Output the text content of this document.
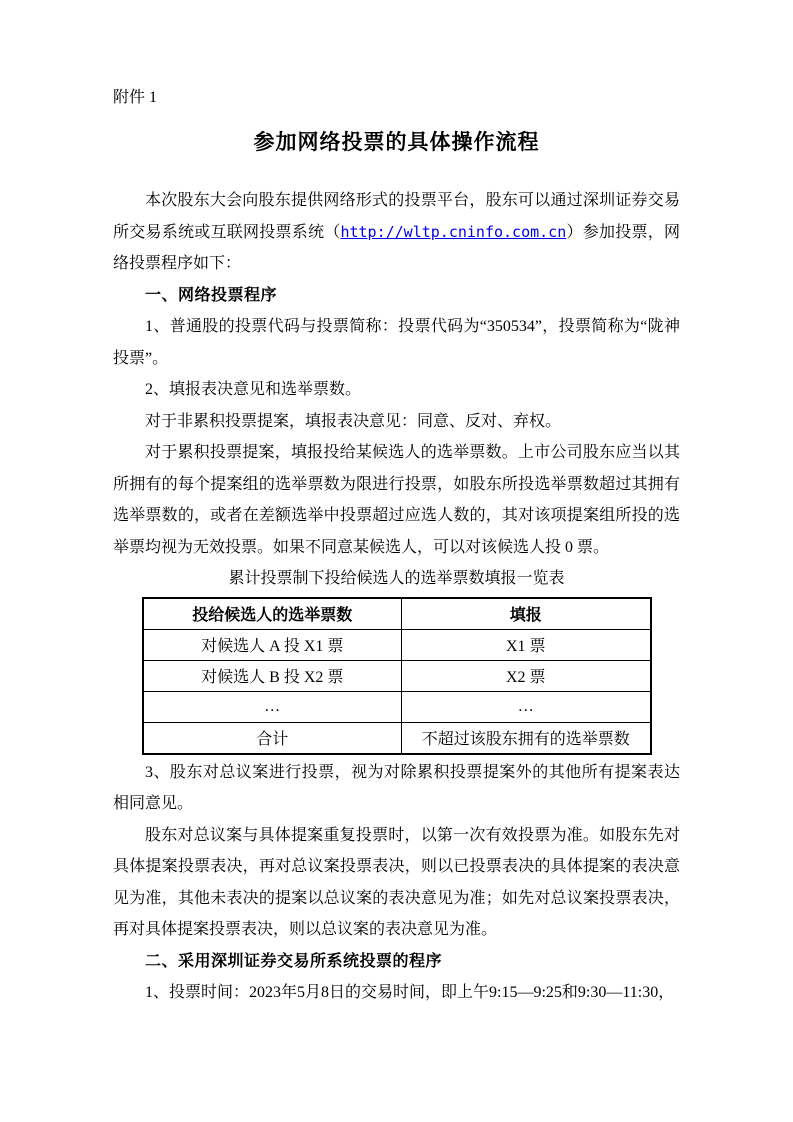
附件 1
参加网络投票的具体操作流程

本次股东大会向股东提供网络形式的投票平台，股东可以通过深圳证券交易所交易系统或互联网投票系统（http://wltp.cninfo.com.cn）参加投票，网络投票程序如下：

一、网络投票程序

1、普通股的投票代码与投票简称：投票代码为“350534”，投票简称为“陇神投票”。

2、填报表决意见和选举票数。

对于非累积投票提案，填报表决意见：同意、反对、弃权。

对于累积投票提案，填报投给某候选人的选举票数。上市公司股东应当以其所拥有的每个提案组的选举票数为限进行投票，如股东所投选举票数超过其拥有选举票数的，或者在差额选举中投票超过应选人数的，其对该项提案组所投的选举票均视为无效投票。如果不同意某候选人，可以对该候选人投 0 票。

累计投票制下投给候选人的选举票数填报一览表
投给候选人的选举票数	填报
对候选人 A 投 X1 票	X1 票
对候选人 B 投 X2 票	X2 票
…	…
合计	不超过该股东拥有的选举票数

3、股东对总议案进行投票，视为对除累积投票提案外的其他所有提案表达相同意见。

股东对总议案与具体提案重复投票时，以第一次有效投票为准。如股东先对具体提案投票表决，再对总议案投票表决，则以已投票表决的具体提案的表决意见为准，其他未表决的提案以总议案的表决意见为准；如先对总议案投票表决，再对具体提案投票表决，则以总议案的表决意见为准。

二、采用深圳证券交易所系统投票的程序

1、投票时间：2023年5月8日的交易时间，即上午9:15—9:25和9:30—11:30，
